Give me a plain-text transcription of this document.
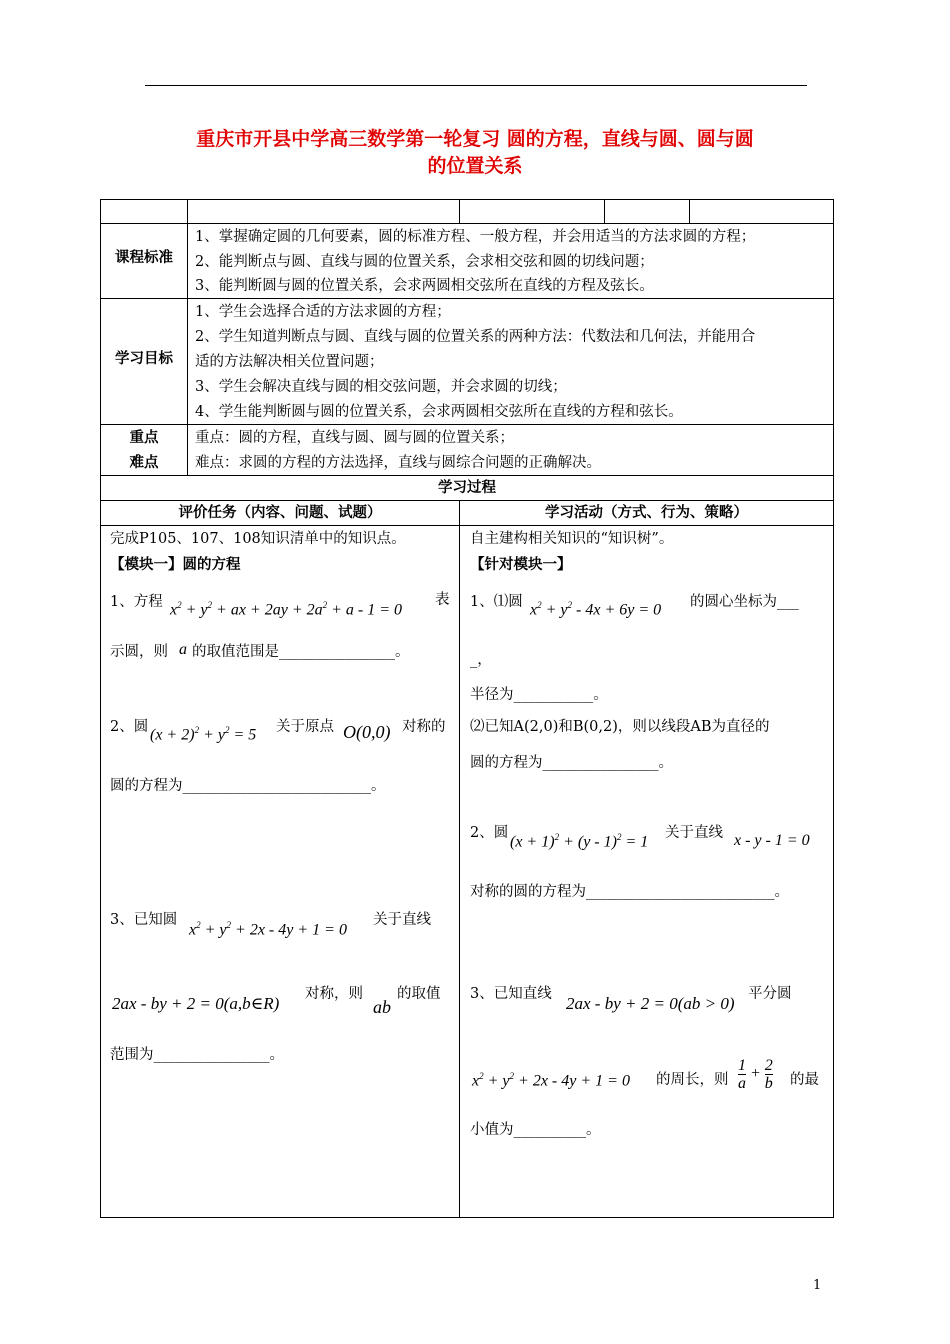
重庆市开县中学高三数学第一轮复习 圆的方程，直线与圆、圆与圆
的位置关系
课程标准
1、掌握确定圆的几何要素，圆的标准方程、一般方程，并会用适当的方法求圆的方程；
2、能判断点与圆、直线与圆的位置关系，会求相交弦和圆的切线问题；
3、能判断圆与圆的位置关系，会求两圆相交弦所在直线的方程及弦长。
学习目标
1、学生会选择合适的方法求圆的方程；
2、学生知道判断点与圆、直线与圆的位置关系的两种方法：代数法和几何法，并能用合
适的方法解决相关位置问题；
3、学生会解决直线与圆的相交弦问题，并会求圆的切线；
4、学生能判断圆与圆的位置关系，会求两圆相交弦所在直线的方程和弦长。
重点
难点
重点：圆的方程，直线与圆、圆与圆的位置关系；
难点：求圆的方程的方法选择，直线与圆综合问题的正确解决。
学习过程
评价任务（内容、问题、试题）	学习活动（方式、行为、策略）
完成P105、107、108知识清单中的知识点。
【模块一】圆的方程
1、方程 $x^2 + y^2$ + ax + $2ay + 2a^2 + a - 1 = 0$
表
示圆，则 a 的取值范围是________________。
2、圆 $(x + 2)^2 + y^2 = 5$ 关于原点 O(0,0) 对称的
圆的方程为__________________________。
3、已知圆
$x^2 + y^2 + 2x - 4y + 1 = 0$
关于直线
2ax - by + 2 = 0(a,b∈R) 对称，则
ab
的取值
范围为________________。
自主建构相关知识的“知识树”。
【针对模块一】
1、⑴圆 $x^2 + y^2 - 4x + 6y = 0$ 的圆心坐标为___
_，
半径为___________。
⑵已知A(2,0)和B(0,2)，则以线段AB为直径的
圆的方程为________________。
2、圆
$(x + 1)^2 + (y - 1)^2 = 1$
关于直线 x - y - 1 = 0
对称的圆的方程为__________________________。
3、已知直线 2ax - by + 2 = 0(ab > 0) 平分圆
$x^2 + y^2 + 2x - 4y + 1 = 0$ 的周长，则 $\frac{1}{a} + \frac{2}{b}$ 的最
小值为__________。
1
